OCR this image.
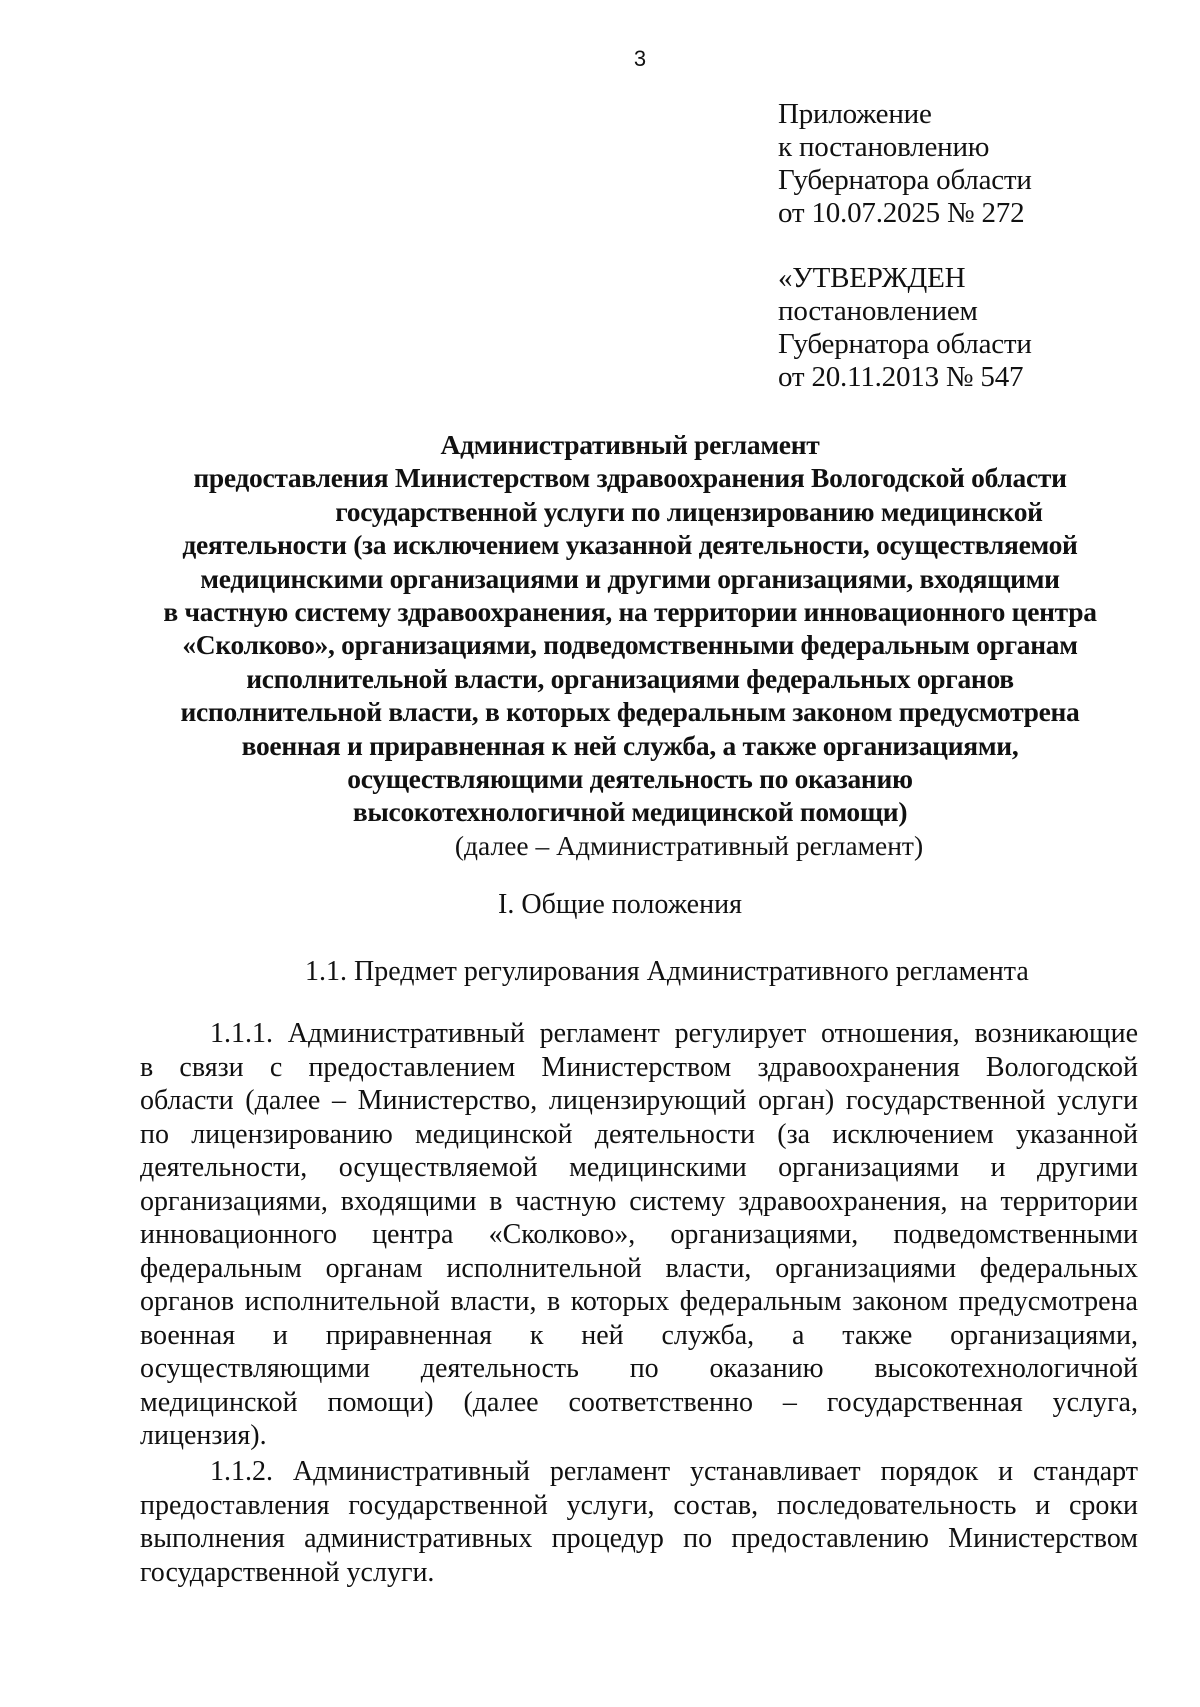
3
Приложение
к постановлению
Губернатора области
от 10.07.2025 № 272
«УТВЕРЖДЕН
постановлением
Губернатора области
от 20.11.2013 № 547
Административный регламент
предоставления Министерством здравоохранения Вологодской области
государственной услуги по лицензированию медицинской
деятельности (за исключением указанной деятельности, осуществляемой
медицинскими организациями и другими организациями, входящими
в частную систему здравоохранения, на территории инновационного центра
«Сколково», организациями, подведомственными федеральным органам
исполнительной власти, организациями федеральных органов
исполнительной власти, в которых федеральным законом предусмотрена
военная и приравненная к ней служба, а также организациями,
осуществляющими деятельность по оказанию
высокотехнологичной медицинской помощи)
(далее – Административный регламент)
I. Общие положения
1.1. Предмет регулирования Административного регламента
1.1.1. Административный регламент регулирует отношения, возникающие
в связи с предоставлением Министерством здравоохранения Вологодской
области (далее – Министерство, лицензирующий орган) государственной услуги
по лицензированию медицинской деятельности (за исключением указанной
деятельности, осуществляемой медицинскими организациями и другими
организациями, входящими в частную систему здравоохранения, на территории
инновационного центра «Сколково», организациями, подведомственными
федеральным органам исполнительной власти, организациями федеральных
органов исполнительной власти, в которых федеральным законом предусмотрена
военная и приравненная к ней служба, а также организациями,
осуществляющими деятельность по оказанию высокотехнологичной
медицинской помощи) (далее соответственно – государственная услуга,
лицензия).
1.1.2. Административный регламент устанавливает порядок и стандарт
предоставления государственной услуги, состав, последовательность и сроки
выполнения административных процедур по предоставлению Министерством
государственной услуги.
